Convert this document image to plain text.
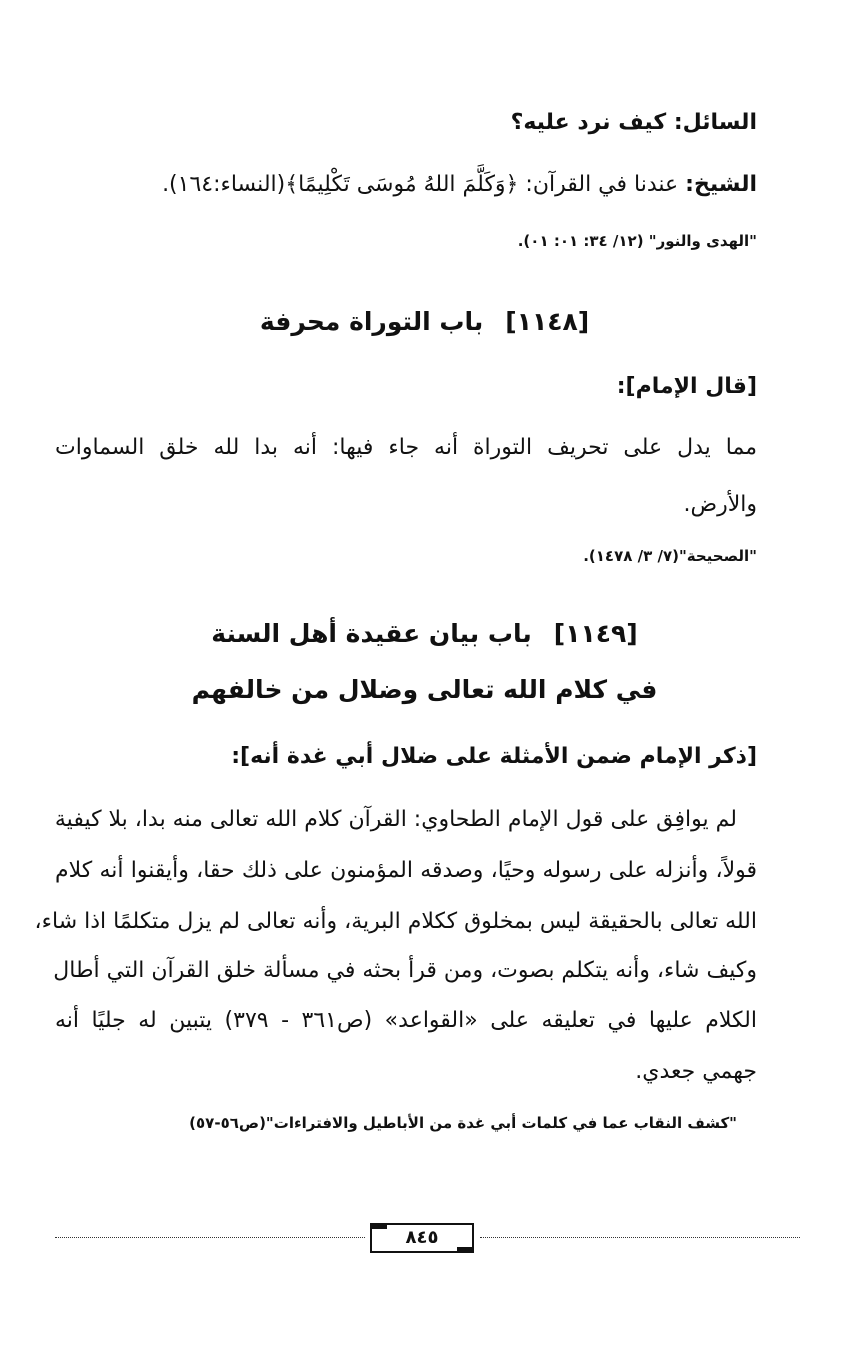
السائل: كيف نرد عليه؟
الشيخ: عندنا في القرآن: ﴿وَكَلَّمَ اللهُ مُوسَى تَكْلِيمًا﴾(النساء:١٦٤).
"الهدى والنور" (١٢/ ٣٤: ٠١: ٠١).
[١١٤٨]باب التوراة محرفة
[قال الإمام]:
مما يدل على تحريف التوراة أنه جاء فيها: أنه بدا لله خلق السماوات
والأرض.
"الصحيحة"(٧/ ٣/ ١٤٧٨).
[١١٤٩]باب بيان عقيدة أهل السنة
في كلام الله تعالى وضلال من خالفهم
[ذكر الإمام ضمن الأمثلة على ضلال أبي غدة أنه]:
لم يوافِق على قول الإمام الطحاوي: القرآن كلام الله تعالى منه بدا، بلا كيفية
قولاً، وأنزله على رسوله وحيًا، وصدقه المؤمنون على ذلك حقا، وأيقنوا أنه كلام
الله تعالى بالحقيقة ليس بمخلوق ككلام البرية، وأنه تعالى لم يزل متكلمًا اذا شاء،
وكيف شاء، وأنه يتكلم بصوت، ومن قرأ بحثه في مسألة خلق القرآن التي أطال
الكلام عليها في تعليقه على «القواعد» (ص٣٦١ - ٣٧٩) يتبين له جليًا أنه
جهمي جعدي.
"كشف النقاب عما في كلمات أبي غدة من الأباطيل والافتراءات"(ص٥٦-٥٧)
٨٤٥
